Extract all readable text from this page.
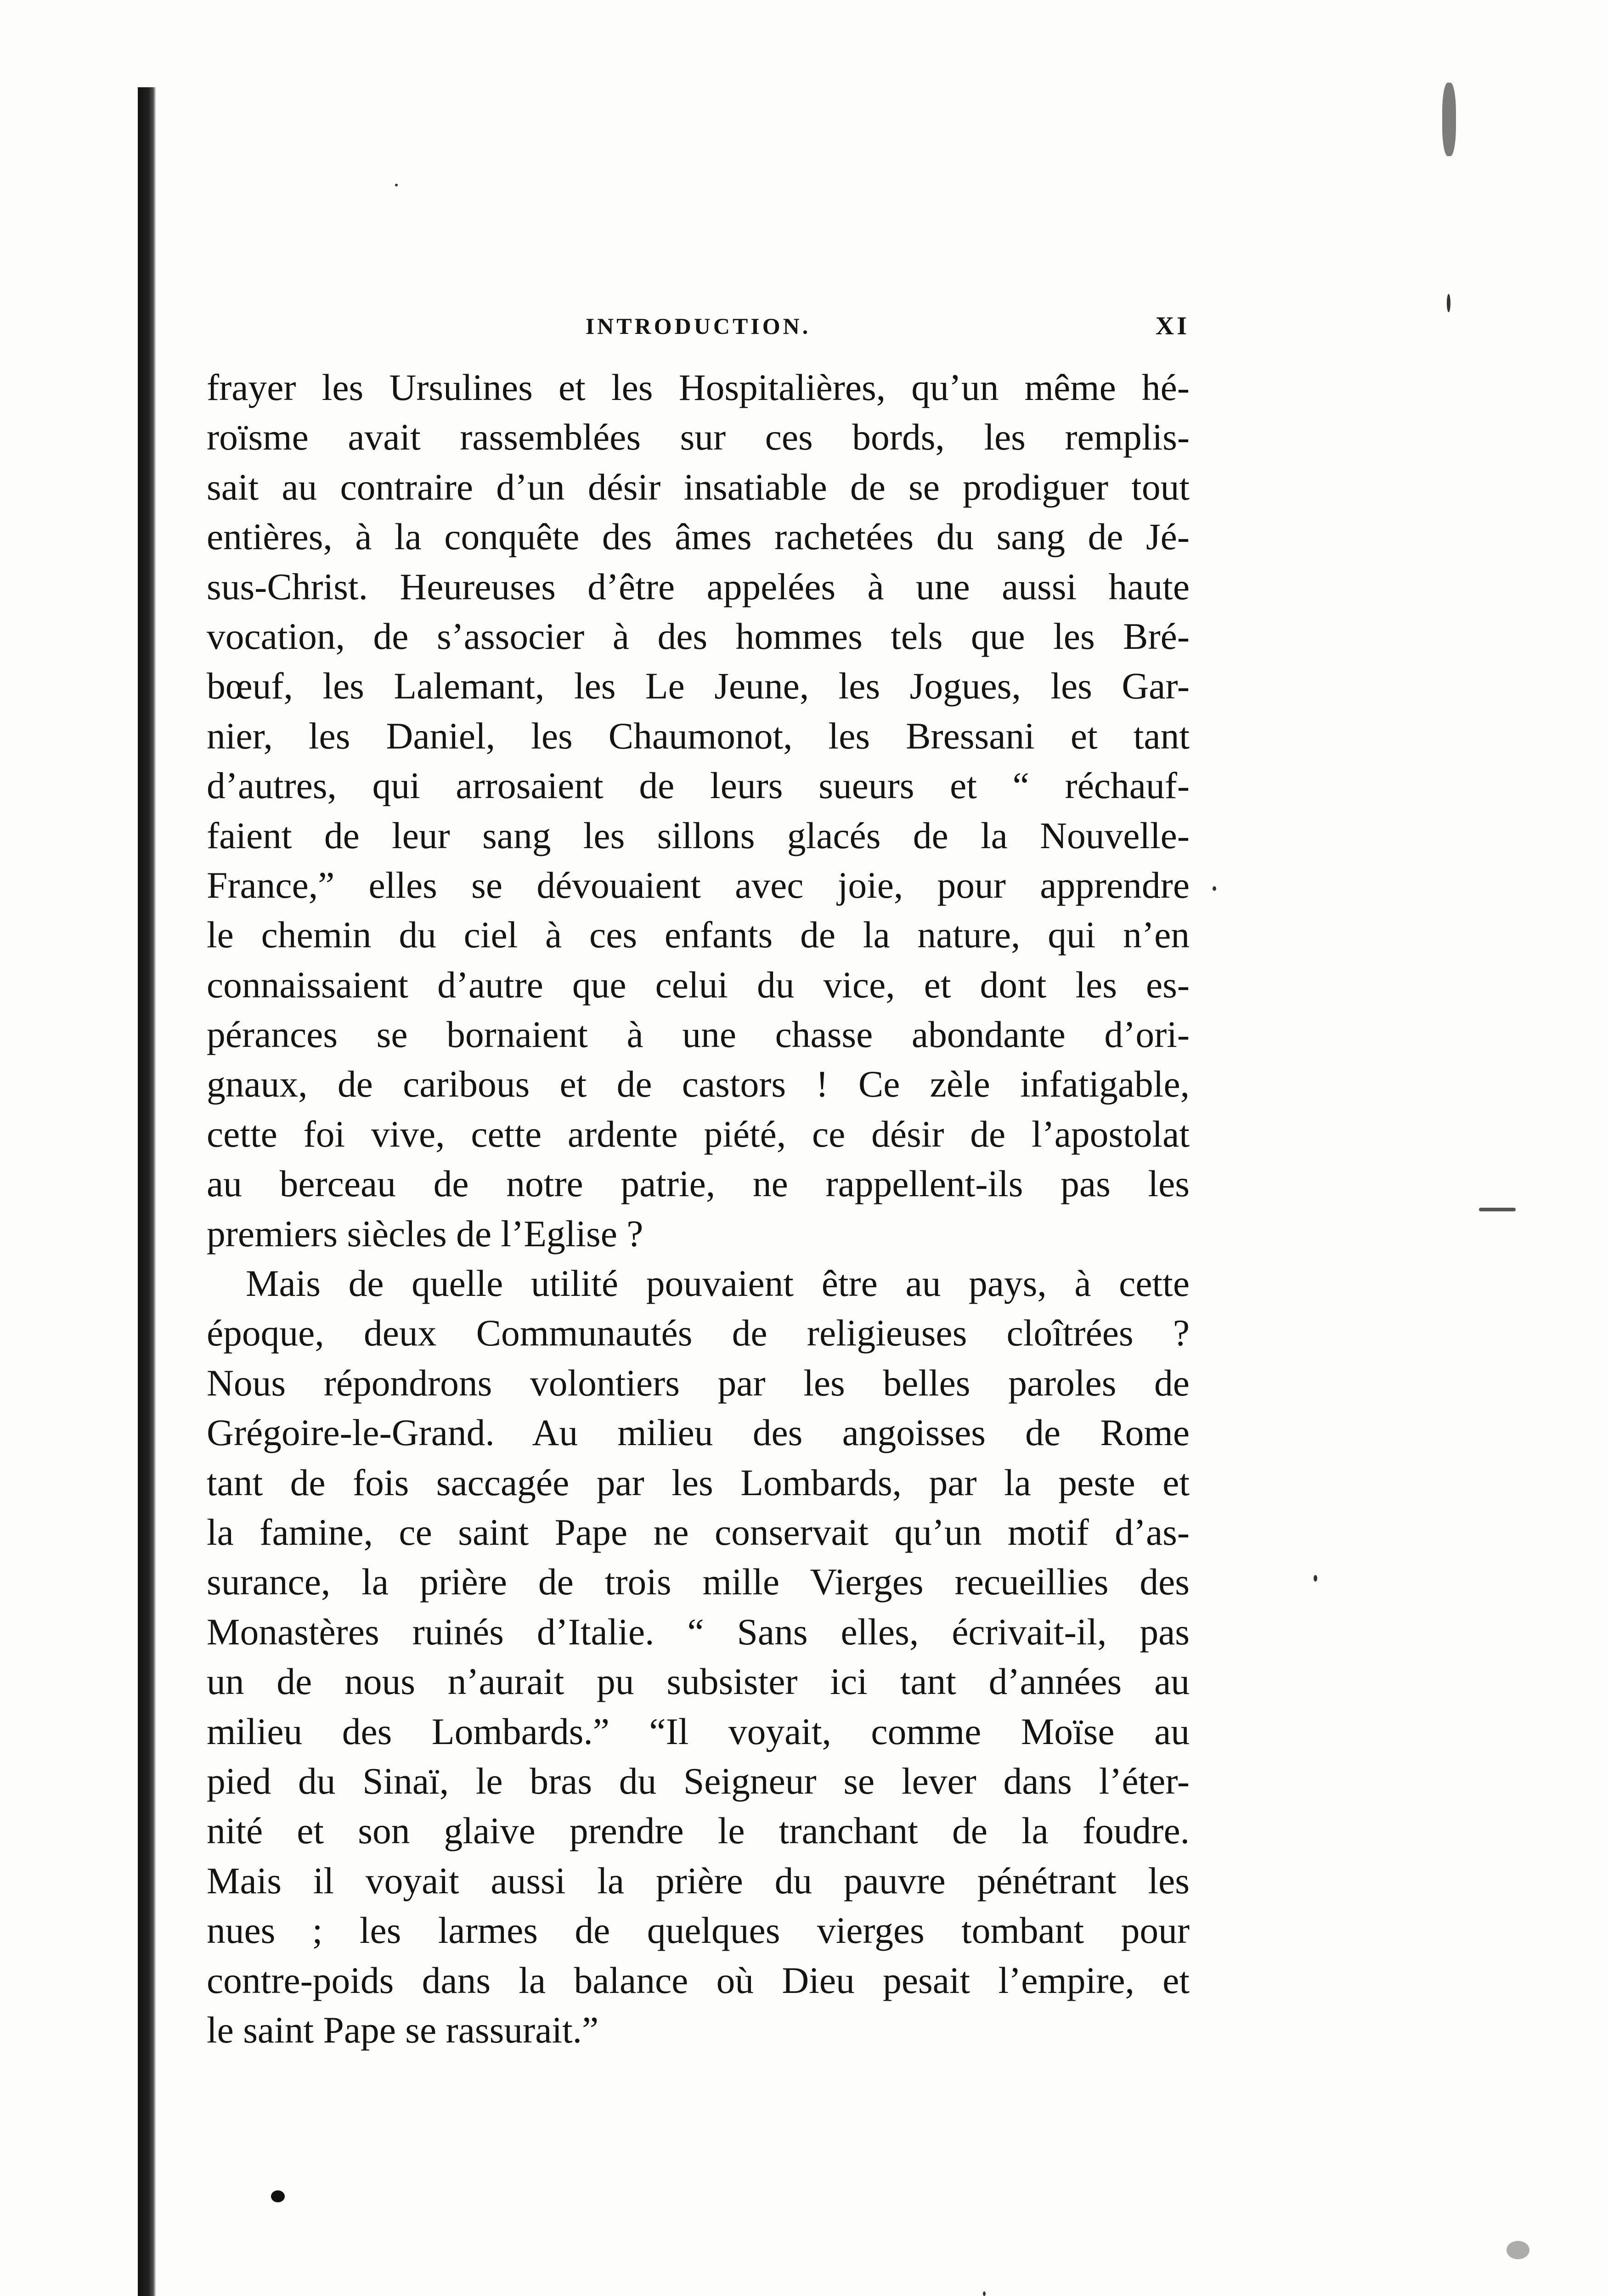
INTRODUCTION.	XI
frayer les Ursulines et les Hospitalières, qu’un même hé-
roïsme avait rassemblées sur ces bords, les remplis-
sait au contraire d’un désir insatiable de se prodiguer tout
entières, à la conquête des âmes rachetées du sang de Jé-
sus-Christ. Heureuses d’être appelées à une aussi haute
vocation, de s’associer à des hommes tels que les Bré-
bœuf, les Lalemant, les Le Jeune, les Jogues, les Gar-
nier, les Daniel, les Chaumonot, les Bressani et tant
d’autres, qui arrosaient de leurs sueurs et “ réchauf-
faient de leur sang les sillons glacés de la Nouvelle-
France,” elles se dévouaient avec joie, pour apprendre
le chemin du ciel à ces enfants de la nature, qui n’en
connaissaient d’autre que celui du vice, et dont les es-
pérances se bornaient à une chasse abondante d’ori-
gnaux, de caribous et de castors ! Ce zèle infatigable,
cette foi vive, cette ardente piété, ce désir de l’apostolat
au berceau de notre patrie, ne rappellent-ils pas les
premiers siècles de l’Eglise ?
Mais de quelle utilité pouvaient être au pays, à cette
époque, deux Communautés de religieuses cloîtrées ?
Nous répondrons volontiers par les belles paroles de
Grégoire-le-Grand. Au milieu des angoisses de Rome
tant de fois saccagée par les Lombards, par la peste et
la famine, ce saint Pape ne conservait qu’un motif d’as-
surance, la prière de trois mille Vierges recueillies des
Monastères ruinés d’Italie. “ Sans elles, écrivait-il, pas
un de nous n’aurait pu subsister ici tant d’années au
milieu des Lombards.” “Il voyait, comme Moïse au
pied du Sinaï, le bras du Seigneur se lever dans l’éter-
nité et son glaive prendre le tranchant de la foudre.
Mais il voyait aussi la prière du pauvre pénétrant les
nues ; les larmes de quelques vierges tombant pour
contre-poids dans la balance où Dieu pesait l’empire, et
le saint Pape se rassurait.”
